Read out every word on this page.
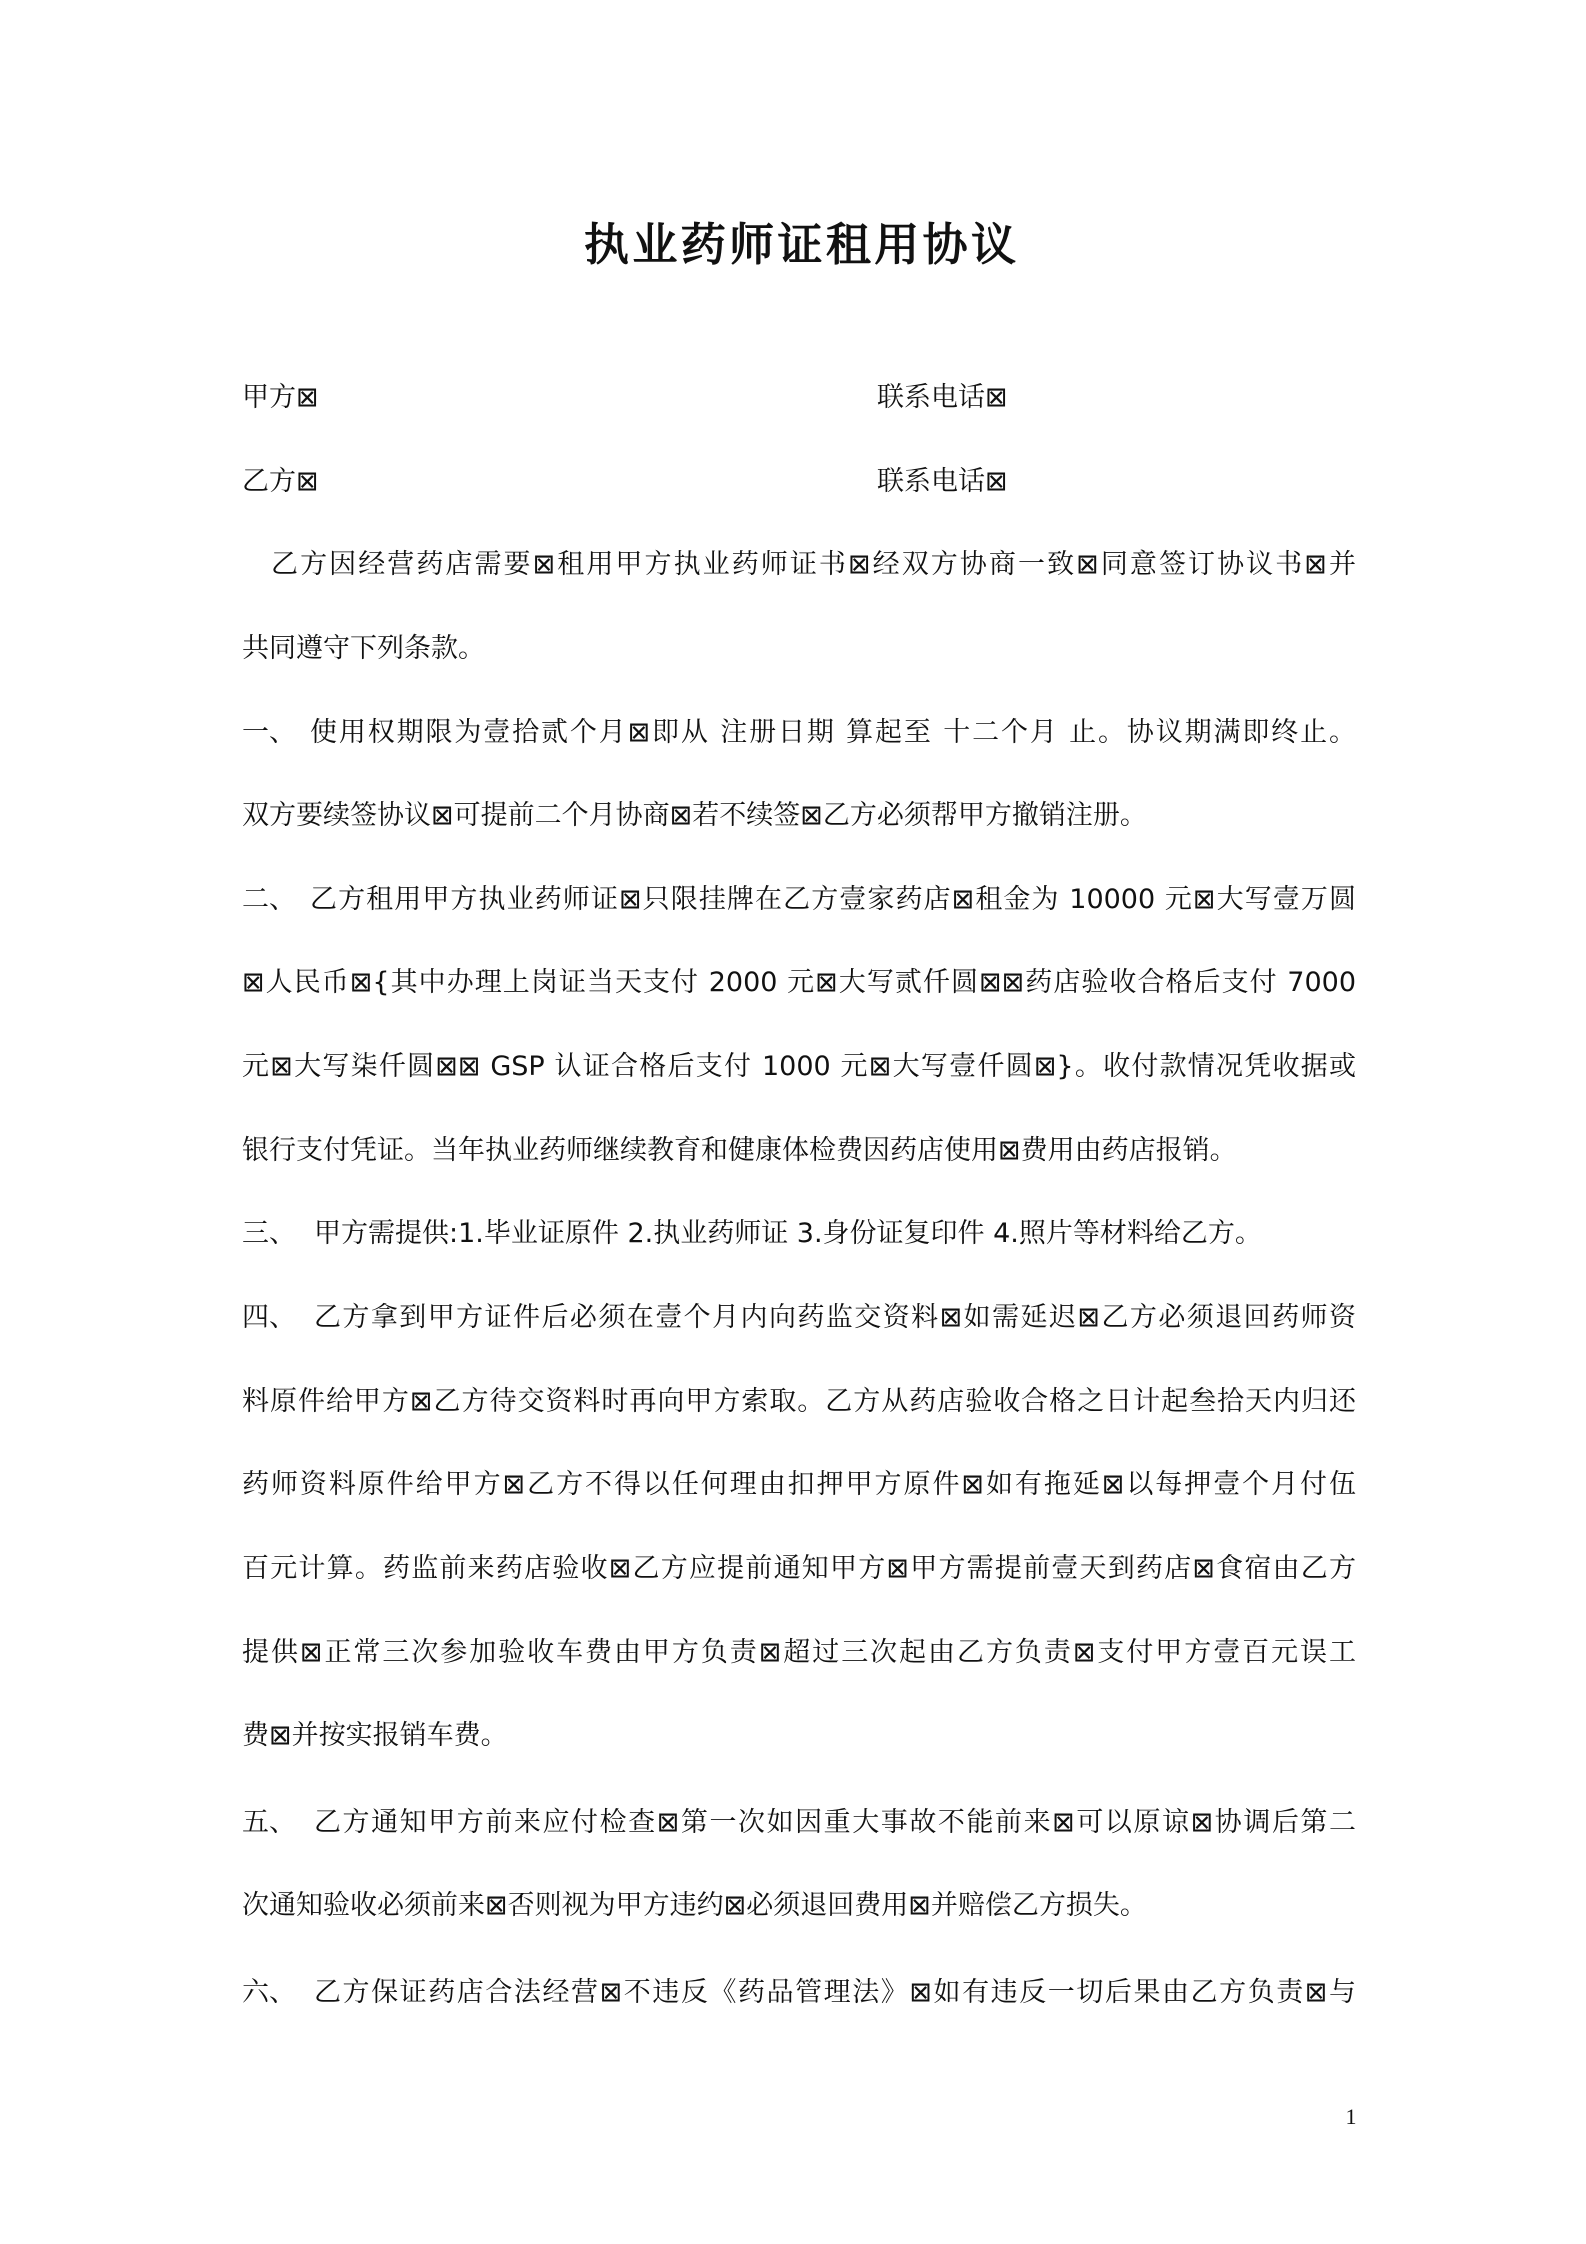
执业药师证租用协议
甲方⊠	联系电话⊠
乙方⊠	联系电话⊠
乙方因经营药店需要⊠租用甲方执业药师证书⊠经双方协商一致⊠同意签订协议书⊠并
共同遵守下列条款。
一、 使用权期限为壹拾贰个月⊠即从 注册日期 算起至 十二个月 止。协议期满即终止。
双方要续签协议⊠可提前二个月协商⊠若不续签⊠乙方必须帮甲方撤销注册。
二、 乙方租用甲方执业药师证⊠只限挂牌在乙方壹家药店⊠租金为 10000 元⊠大写壹万圆
⊠人民币⊠{其中办理上岗证当天支付 2000 元⊠大写贰仟圆⊠⊠药店验收合格后支付 7000
元⊠大写柒仟圆⊠⊠ GSP 认证合格后支付 1000 元⊠大写壹仟圆⊠}。收付款情况凭收据或
银行支付凭证。当年执业药师继续教育和健康体检费因药店使用⊠费用由药店报销。
三、 甲方需提供:1.毕业证原件 2.执业药师证 3.身份证复印件 4.照片等材料给乙方。
四、 乙方拿到甲方证件后必须在壹个月内向药监交资料⊠如需延迟⊠乙方必须退回药师资
料原件给甲方⊠乙方待交资料时再向甲方索取。乙方从药店验收合格之日计起叁拾天内归还
药师资料原件给甲方⊠乙方不得以任何理由扣押甲方原件⊠如有拖延⊠以每押壹个月付伍
百元计算。药监前来药店验收⊠乙方应提前通知甲方⊠甲方需提前壹天到药店⊠食宿由乙方
提供⊠正常三次参加验收车费由甲方负责⊠超过三次起由乙方负责⊠支付甲方壹百元误工
费⊠并按实报销车费。
五、 乙方通知甲方前来应付检查⊠第一次如因重大事故不能前来⊠可以原谅⊠协调后第二
次通知验收必须前来⊠否则视为甲方违约⊠必须退回费用⊠并赔偿乙方损失。
六、 乙方保证药店合法经营⊠不违反《药品管理法》⊠如有违反一切后果由乙方负责⊠与
1
